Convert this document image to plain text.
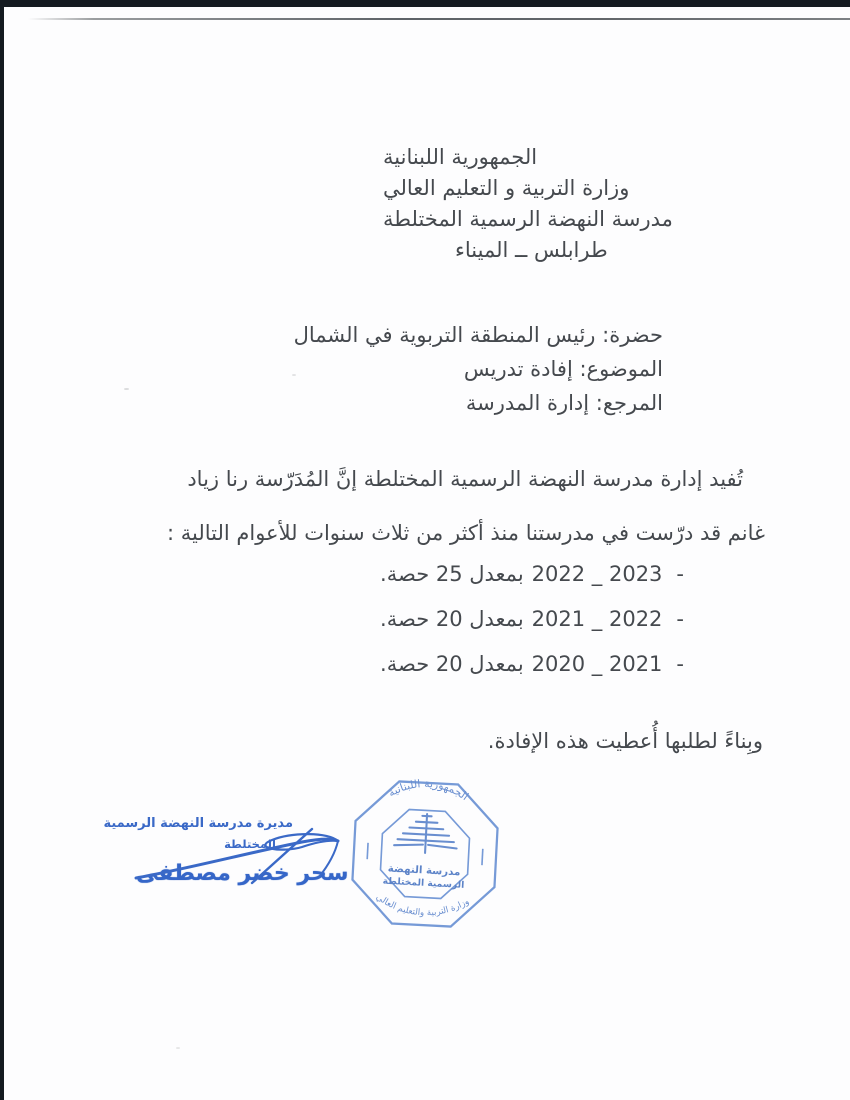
الجمهورية اللبنانية
وزارة التربية و التعليم العالي
مدرسة النهضة الرسمية المختلطة
طرابلس ــ الميناء
حضرة: رئيس المنطقة التربوية في الشمال
الموضوع: إفادة تدريس
المرجع: إدارة المدرسة
تُفيد إدارة مدرسة النهضة الرسمية المختلطة إنَّ المُدَرّسة رنا زياد
غانم قد درّست في مدرستنا منذ أكثر من ثلاث سنوات للأعوام التالية :
-2022 _ 2023بمعدل 25 حصة.
-2021 _ 2022بمعدل 20 حصة.
-2020 _ 2021بمعدل 20 حصة.
وبِناءً لطلبها أُعطيت هذه الإفادة.
مديرة مدرسة النهضة الرسمية
المختلطة
سحر خضر مصطفى
الجمهورية اللبنانية
مدرسة النهضة
الرسمية المختلطة
وزارة التربية والتعليم العالي
